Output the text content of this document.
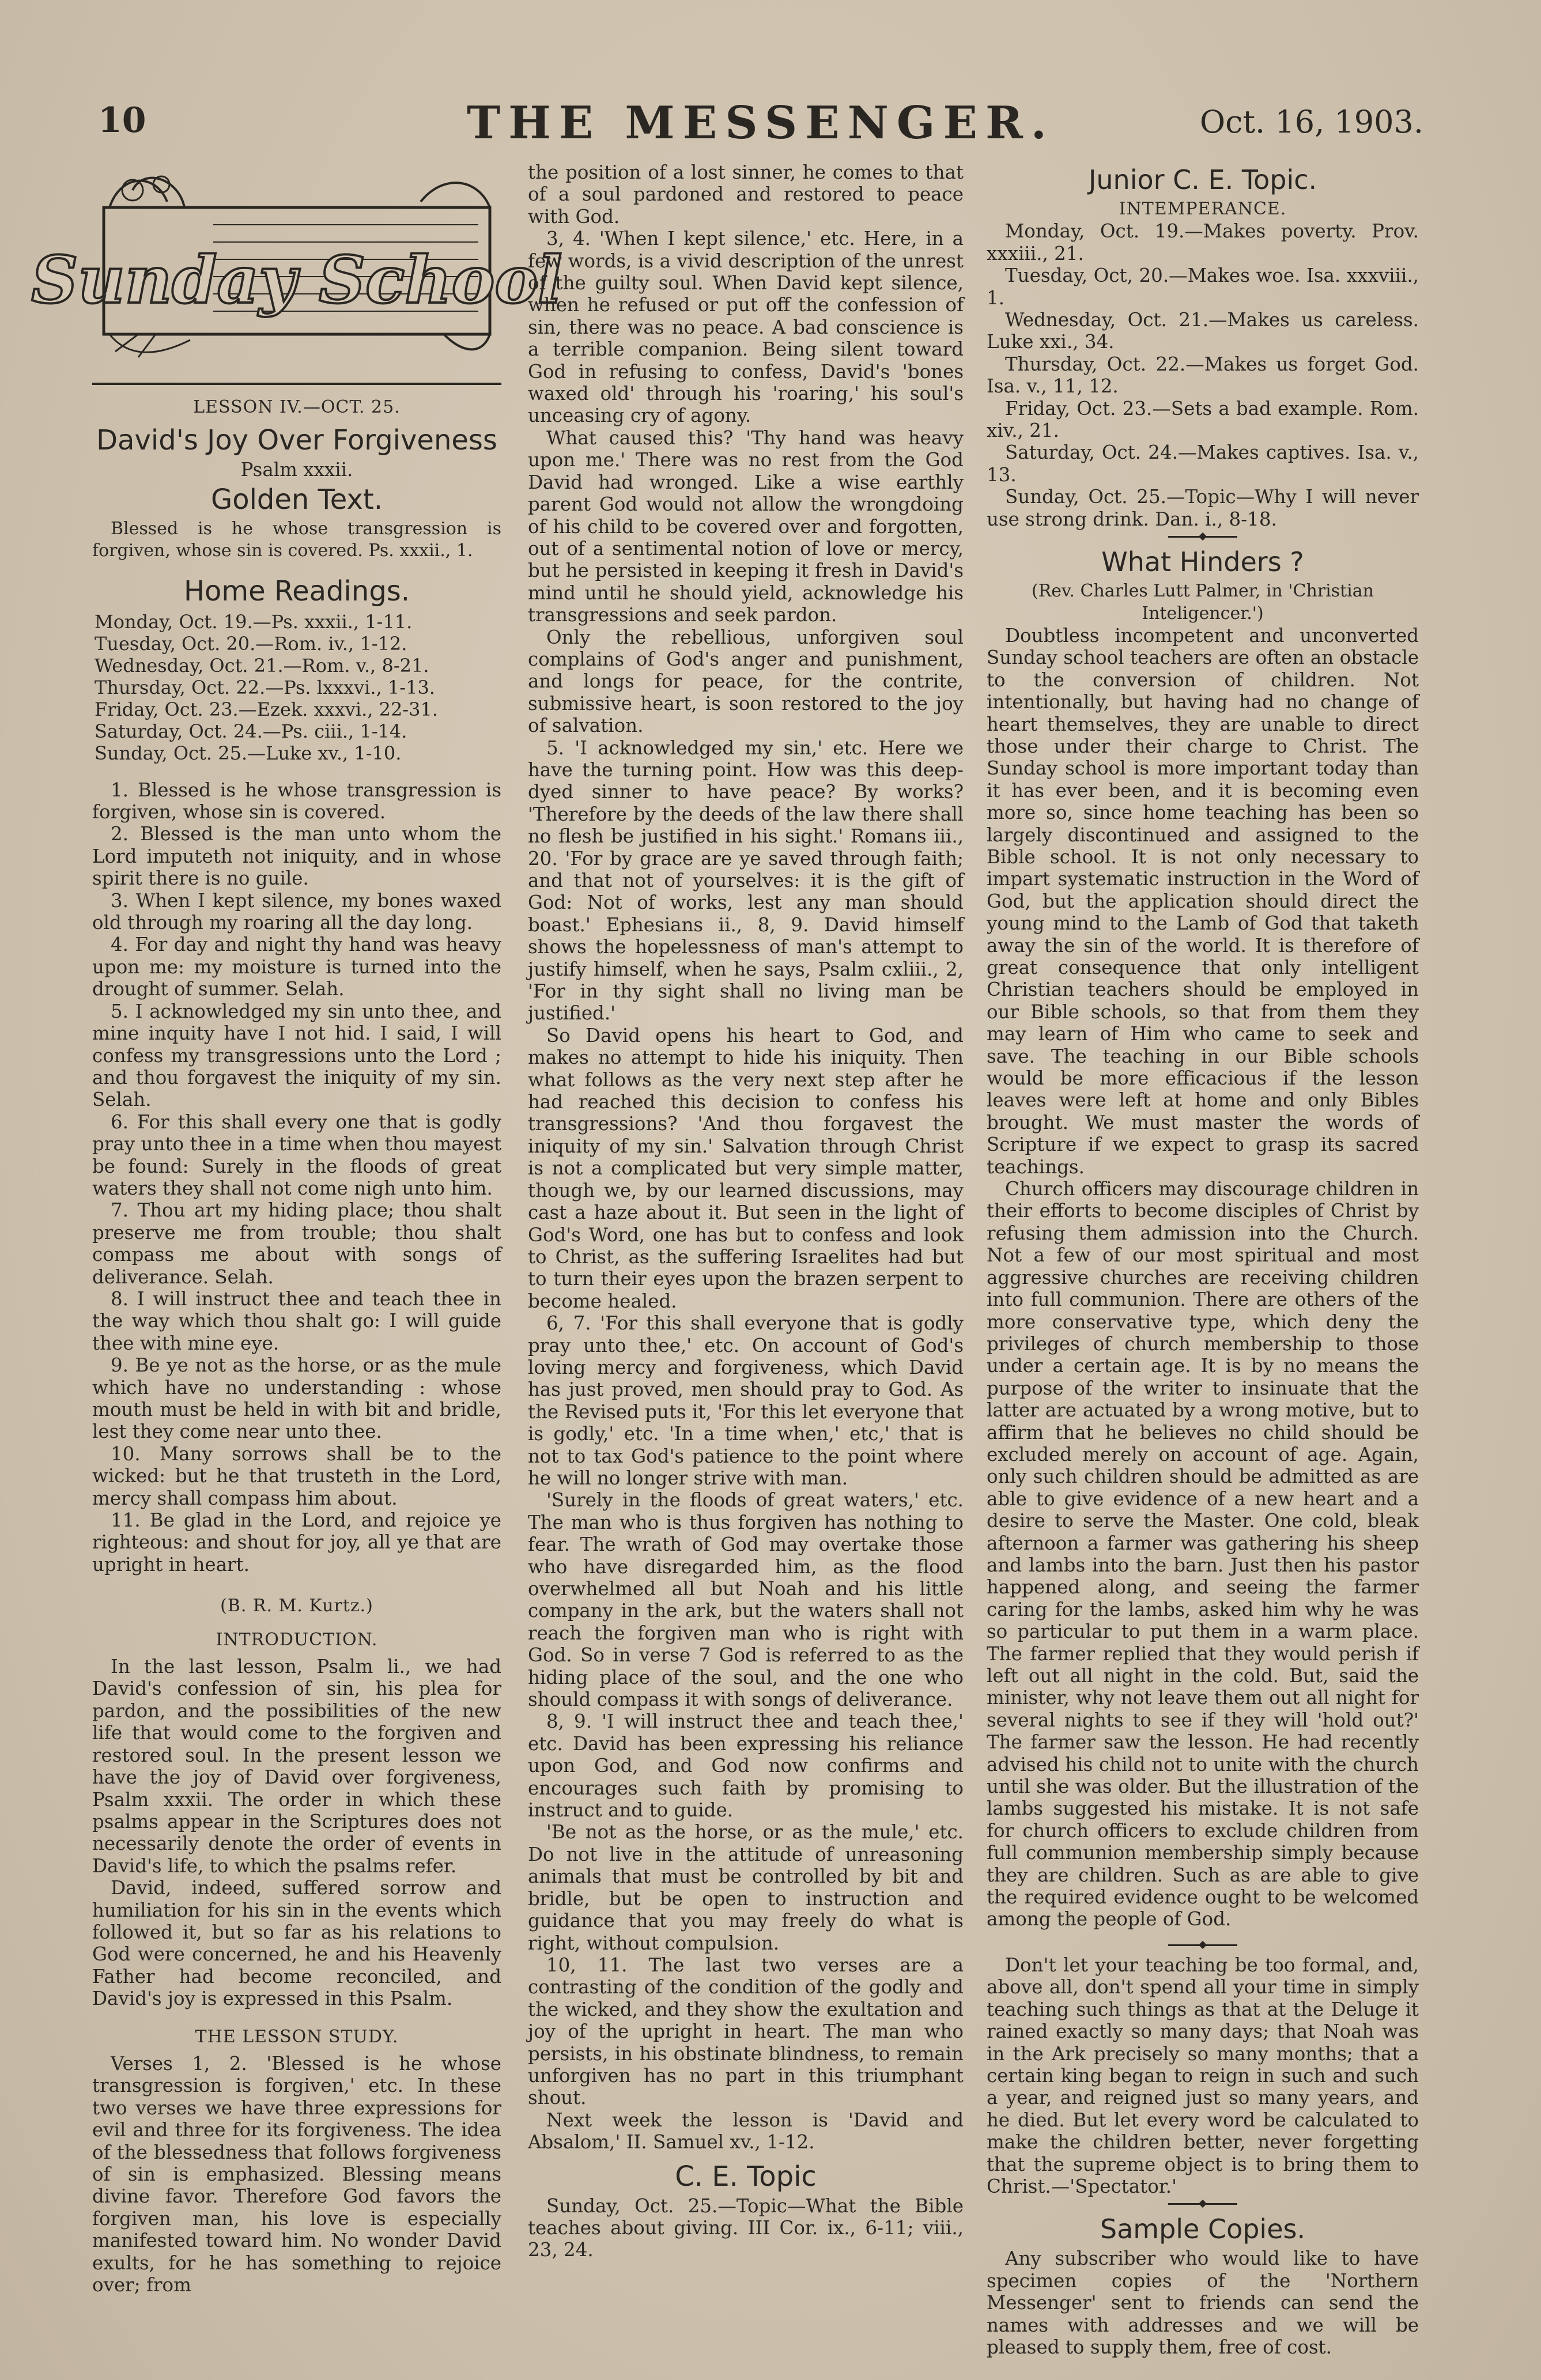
10	THE MESSENGER.	Oct. 16, 1903.
Sunday School
LESSON IV.—OCT. 25.
David's Joy Over Forgiveness
Psalm xxxii.
Golden Text.

Blessed is he whose transgression is forgiven, whose sin is covered. Ps. xxxii., 1.

Home Readings.
Monday, Oct. 19.—Ps. xxxii., 1-11.
Tuesday, Oct. 20.—Rom. iv., 1-12.
Wednesday, Oct. 21.—Rom. v., 8-21.
Thursday, Oct. 22.—Ps. lxxxvi., 1-13.
Friday, Oct. 23.—Ezek. xxxvi., 22-31.
Saturday, Oct. 24.—Ps. ciii., 1-14.
Sunday, Oct. 25.—Luke xv., 1-10.

1. Blessed is he whose transgression is forgiven, whose sin is covered.

2. Blessed is the man unto whom the Lord imputeth not iniquity, and in whose spirit there is no guile.

3. When I kept silence, my bones waxed old through my roaring all the day long.

4. For day and night thy hand was heavy upon me: my moisture is turned into the drought of summer. Selah.

5. I acknowledged my sin unto thee, and mine inquity have I not hid. I said, I will confess my transgressions unto the Lord ; and thou forgavest the iniquity of my sin. Selah.

6. For this shall every one that is godly pray unto thee in a time when thou mayest be found: Surely in the floods of great waters they shall not come nigh unto him.

7. Thou art my hiding place; thou shalt preserve me from trouble; thou shalt compass me about with songs of deliverance. Selah.

8. I will instruct thee and teach thee in the way which thou shalt go: I will guide thee with mine eye.

9. Be ye not as the horse, or as the mule which have no understanding : whose mouth must be held in with bit and bridle, lest they come near unto thee.

10. Many sorrows shall be to the wicked: but he that trusteth in the Lord, mercy shall compass him about.

11. Be glad in the Lord, and rejoice ye righteous: and shout for joy, all ye that are upright in heart.

(B. R. M. Kurtz.)
INTRODUCTION.

In the last lesson, Psalm li., we had David's confession of sin, his plea for pardon, and the possibilities of the new life that would come to the forgiven and restored soul. In the present lesson we have the joy of David over forgiveness, Psalm xxxii. The order in which these psalms appear in the Scriptures does not necessarily denote the order of events in David's life, to which the psalms refer.

David, indeed, suffered sorrow and humiliation for his sin in the events which followed it, but so far as his relations to God were concerned, he and his Heavenly Father had become reconciled, and David's joy is expressed in this Psalm.

THE LESSON STUDY.

Verses 1, 2. 'Blessed is he whose transgression is forgiven,' etc. In these two verses we have three expressions for evil and three for its forgiveness. The idea of the blessedness that follows forgiveness of sin is emphasized. Blessing means divine favor. Therefore God favors the forgiven man, his love is especially manifested toward him. No wonder David exults, for he has something to rejoice over; from

the position of a lost sinner, he comes to that of a soul pardoned and restored to peace with God.

3, 4. 'When I kept silence,' etc. Here, in a few words, is a vivid description of the unrest of the guilty soul. When David kept silence, when he refused or put off the confession of sin, there was no peace. A bad conscience is a terrible companion. Being silent toward God in refusing to confess, David's 'bones waxed old' through his 'roaring,' his soul's unceasing cry of agony.

What caused this? 'Thy hand was heavy upon me.' There was no rest from the God David had wronged. Like a wise earthly parent God would not allow the wrongdoing of his child to be covered over and forgotten, out of a sentimental notion of love or mercy, but he persisted in keeping it fresh in David's mind until he should yield, acknowledge his transgressions and seek pardon.

Only the rebellious, unforgiven soul complains of God's anger and punishment, and longs for peace, for the contrite, submissive heart, is soon restored to the joy of salvation.

5. 'I acknowledged my sin,' etc. Here we have the turning point. How was this deep-dyed sinner to have peace? By works? 'Therefore by the deeds of the law there shall no flesh be justified in his sight.' Romans iii., 20. 'For by grace are ye saved through faith; and that not of yourselves: it is the gift of God: Not of works, lest any man should boast.' Ephesians ii., 8, 9. David himself shows the hopelessness of man's attempt to justify himself, when he says, Psalm cxliii., 2, 'For in thy sight shall no living man be justified.'

So David opens his heart to God, and makes no attempt to hide his iniquity. Then what follows as the very next step after he had reached this decision to confess his transgressions? 'And thou forgavest the iniquity of my sin.' Salvation through Christ is not a complicated but very simple matter, though we, by our learned discussions, may cast a haze about it. But seen in the light of God's Word, one has but to confess and look to Christ, as the suffering Israelites had but to turn their eyes upon the brazen serpent to become healed.

6, 7. 'For this shall everyone that is godly pray unto thee,' etc. On account of God's loving mercy and forgiveness, which David has just proved, men should pray to God. As the Revised puts it, 'For this let everyone that is godly,' etc. 'In a time when,' etc,' that is not to tax God's patience to the point where he will no longer strive with man.

'Surely in the floods of great waters,' etc. The man who is thus forgiven has nothing to fear. The wrath of God may overtake those who have disregarded him, as the flood overwhelmed all but Noah and his little company in the ark, but the waters shall not reach the forgiven man who is right with God. So in verse 7 God is referred to as the hiding place of the soul, and the one who should compass it with songs of deliverance.

8, 9. 'I will instruct thee and teach thee,' etc. David has been expressing his reliance upon God, and God now confirms and encourages such faith by promising to instruct and to guide.

'Be not as the horse, or as the mule,' etc. Do not live in the attitude of unreasoning animals that must be controlled by bit and bridle, but be open to instruction and guidance that you may freely do what is right, without compulsion.

10, 11. The last two verses are a contrasting of the condition of the godly and the wicked, and they show the exultation and joy of the upright in heart. The man who persists, in his obstinate blindness, to remain unforgiven has no part in this triumphant shout.

Next week the lesson is 'David and Absalom,' II. Samuel xv., 1-12.

C. E. Topic

Sunday, Oct. 25.—Topic—What the Bible teaches about giving. III Cor. ix., 6-11; viii., 23, 24.

Junior C. E. Topic.
INTEMPERANCE.

Monday, Oct. 19.—Makes poverty. Prov. xxxiii., 21.

Tuesday, Oct, 20.—Makes woe. Isa. xxxviii., 1.

Wednesday, Oct. 21.—Makes us careless. Luke xxi., 34.

Thursday, Oct. 22.—Makes us forget God. Isa. v., 11, 12.

Friday, Oct. 23.—Sets a bad example. Rom. xiv., 21.

Saturday, Oct. 24.—Makes captives. Isa. v., 13.

Sunday, Oct. 25.—Topic—Why I will never use strong drink. Dan. i., 8-18.

What Hinders ?
(Rev. Charles Lutt Palmer, in 'Christian Inteligencer.')

Doubtless incompetent and unconverted Sunday school teachers are often an obstacle to the conversion of children. Not intentionally, but having had no change of heart themselves, they are unable to direct those under their charge to Christ. The Sunday school is more important today than it has ever been, and it is becoming even more so, since home teaching has been so largely discontinued and assigned to the Bible school. It is not only necessary to impart systematic instruction in the Word of God, but the application should direct the young mind to the Lamb of God that taketh away the sin of the world. It is therefore of great consequence that only intelligent Christian teachers should be employed in our Bible schools, so that from them they may learn of Him who came to seek and save. The teaching in our Bible schools would be more efficacious if the lesson leaves were left at home and only Bibles brought. We must master the words of Scripture if we expect to grasp its sacred teachings.

Church officers may discourage children in their efforts to become disciples of Christ by refusing them admission into the Church. Not a few of our most spiritual and most aggressive churches are receiving children into full communion. There are others of the more conservative type, which deny the privileges of church membership to those under a certain age. It is by no means the purpose of the writer to insinuate that the latter are actuated by a wrong motive, but to affirm that he believes no child should be excluded merely on account of age. Again, only such children should be admitted as are able to give evidence of a new heart and a desire to serve the Master. One cold, bleak afternoon a farmer was gathering his sheep and lambs into the barn. Just then his pastor happened along, and seeing the farmer caring for the lambs, asked him why he was so particular to put them in a warm place. The farmer replied that they would perish if left out all night in the cold. But, said the minister, why not leave them out all night for several nights to see if they will 'hold out?' The farmer saw the lesson. He had recently advised his child not to unite with the church until she was older. But the illustration of the lambs suggested his mistake. It is not safe for church officers to exclude children from full communion membership simply because they are children. Such as are able to give the required evidence ought to be welcomed among the people of God.

Don't let your teaching be too formal, and, above all, don't spend all your time in simply teaching such things as that at the Deluge it rained exactly so many days; that Noah was in the Ark precisely so many months; that a certain king began to reign in such and such a year, and reigned just so many years, and he died. But let every word be calculated to make the children better, never forgetting that the supreme object is to bring them to Christ.—'Spectator.'

Sample Copies.

Any subscriber who would like to have specimen copies of the 'Northern Messenger' sent to friends can send the names with addresses and we will be pleased to supply them, free of cost.
